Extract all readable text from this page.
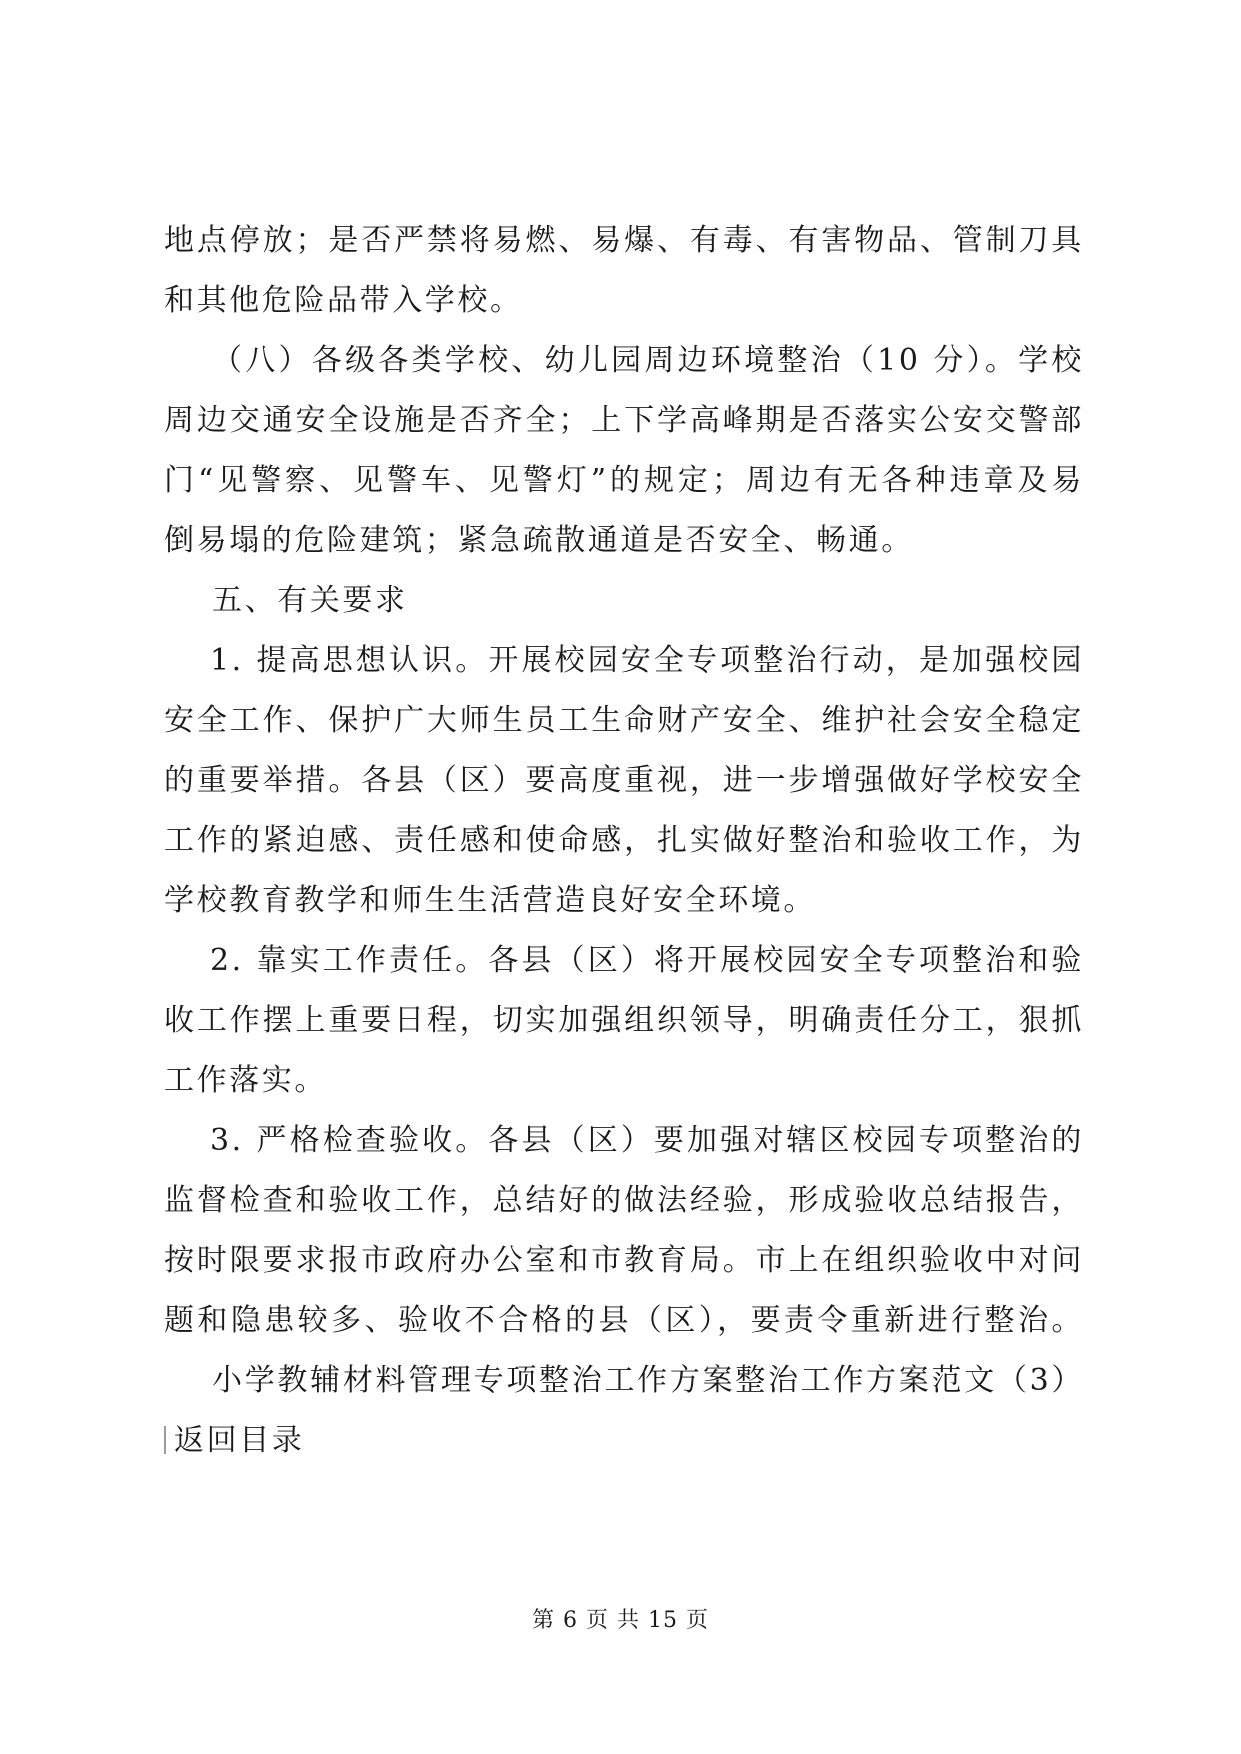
地点停放；是否严禁将易燃、易爆、有毒、有害物品、管制刀具
和其他危险品带入学校。
（八）各级各类学校、幼儿园周边环境整治（10 分）。学校
周边交通安全设施是否齐全；上下学高峰期是否落实公安交警部
门“见警察、见警车、见警灯”的规定；周边有无各种违章及易
倒易塌的危险建筑；紧急疏散通道是否安全、畅通。
五、有关要求
1. 提高思想认识。开展校园安全专项整治行动，是加强校园
安全工作、保护广大师生员工生命财产安全、维护社会安全稳定
的重要举措。各县（区）要高度重视，进一步增强做好学校安全
工作的紧迫感、责任感和使命感，扎实做好整治和验收工作，为
学校教育教学和师生生活营造良好安全环境。
2. 靠实工作责任。各县（区）将开展校园安全专项整治和验
收工作摆上重要日程，切实加强组织领导，明确责任分工，狠抓
工作落实。
3. 严格检查验收。各县（区）要加强对辖区校园专项整治的
监督检查和验收工作，总结好的做法经验，形成验收总结报告，
按时限要求报市政府办公室和市教育局。市上在组织验收中对问
题和隐患较多、验收不合格的县（区），要责令重新进行整治。
小学教辅材料管理专项整治工作方案整治工作方案范文（3）
返回目录
第 6 页 共 15 页
